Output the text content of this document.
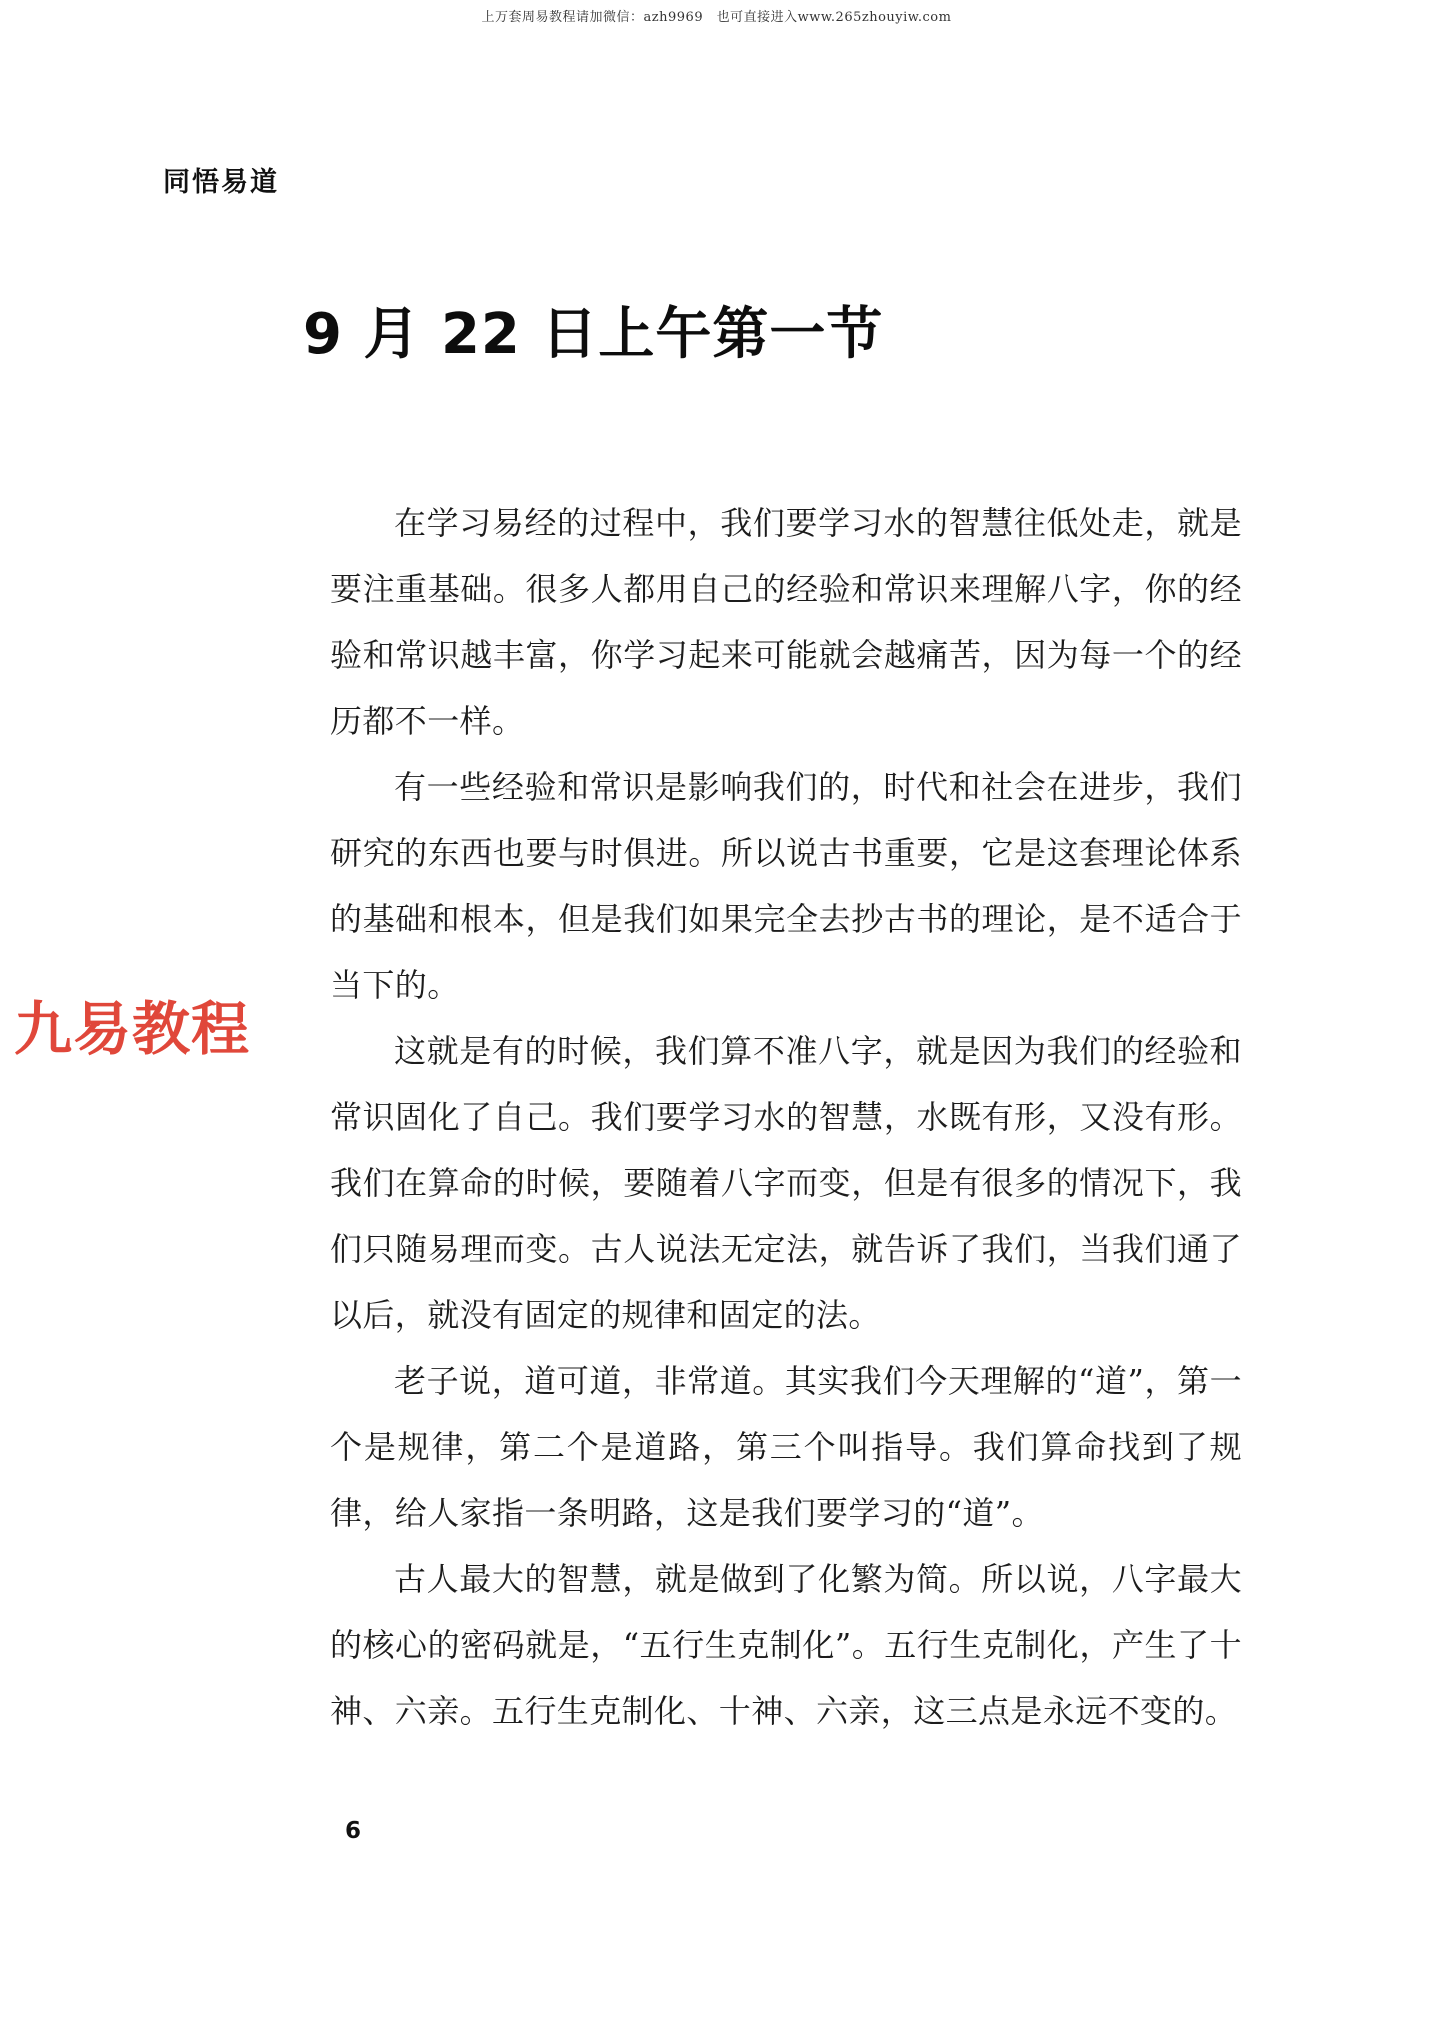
上万套周易教程请加微信：azh9969　也可直接进入www.265zhouyiw.com
同悟易道
9 月 22 日上午第一节
九易教程

在学习易经的过程中，我们要学习水的智慧往低处走，就是要注重基础。很多人都用自己的经验和常识来理解八字，你的经验和常识越丰富，你学习起来可能就会越痛苦，因为每一个的经历都不一样。

有一些经验和常识是影响我们的，时代和社会在进步，我们研究的东西也要与时俱进。所以说古书重要，它是这套理论体系的基础和根本，但是我们如果完全去抄古书的理论，是不适合于当下的。

这就是有的时候，我们算不准八字，就是因为我们的经验和常识固化了自己。我们要学习水的智慧，水既有形，又没有形。我们在算命的时候，要随着八字而变，但是有很多的情况下，我们只随易理而变。古人说法无定法，就告诉了我们，当我们通了以后，就没有固定的规律和固定的法。

老子说，道可道，非常道。其实我们今天理解的“道”，第一个是规律，第二个是道路，第三个叫指导。我们算命找到了规律，给人家指一条明路，这是我们要学习的“道”。

古人最大的智慧，就是做到了化繁为简。所以说，八字最大的核心的密码就是，“五行生克制化”。五行生克制化，产生了十神、六亲。五行生克制化、十神、六亲，这三点是永远不变的。

6
